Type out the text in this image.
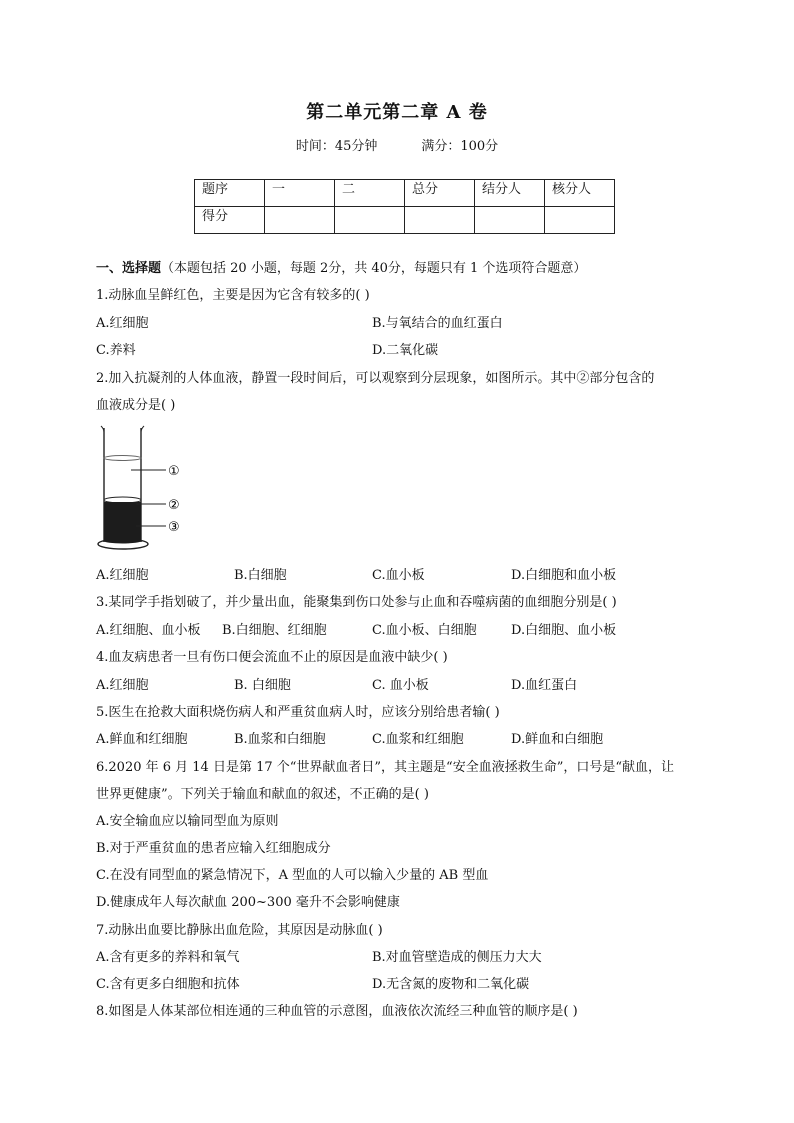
第二单元第二章 A 卷
时间：45分钟	满分：100分
题序	一	二	总分	结分人	核分人
得分					
一、选择题（本题包括 20 小题，每题 2分，共 40分，每题只有 1 个选项符合题意）
1.动脉血呈鲜红色，主要是因为它含有较多的( )
A.红细胞	B.与氧结合的血红蛋白
C.养料	D.二氧化碳
2.加入抗凝剂的人体血液，静置一段时间后，可以观察到分层现象，如图所示。其中②部分包含的
血液成分是( )
①
②
③
A.红细胞	B.白细胞	C.血小板	D.白细胞和血小板
3.某同学手指划破了，并少量出血，能聚集到伤口处参与止血和吞噬病菌的血细胞分别是( )
A.红细胞、血小板 B.白细胞、红细胞	C.血小板、白细胞	D.白细胞、血小板
4.血友病患者一旦有伤口便会流血不止的原因是血液中缺少( )
A.红细胞	B. 白细胞	C. 血小板	D.血红蛋白
5.医生在抢救大面积烧伤病人和严重贫血病人时，应该分别给患者输( )
A.鲜血和红细胞	B.血浆和白细胞	C.血浆和红细胞	D.鲜血和白细胞
6.2020 年 6 月 14 日是第 17 个“世界献血者日”，其主题是“安全血液拯救生命”，口号是“献血，让
世界更健康”。下列关于输血和献血的叙述，不正确的是( )
A.安全输血应以输同型血为原则
B.对于严重贫血的患者应输入红细胞成分
C.在没有同型血的紧急情况下，A 型血的人可以输入少量的 AB 型血
D.健康成年人每次献血 200~300 毫升不会影响健康
7.动脉出血要比静脉出血危险，其原因是动脉血( )
A.含有更多的养料和氧气	B.对血管壁造成的侧压力大大
C.含有更多白细胞和抗体	D.无含氮的废物和二氧化碳
8.如图是人体某部位相连通的三种血管的示意图，血液依次流经三种血管的顺序是( )
